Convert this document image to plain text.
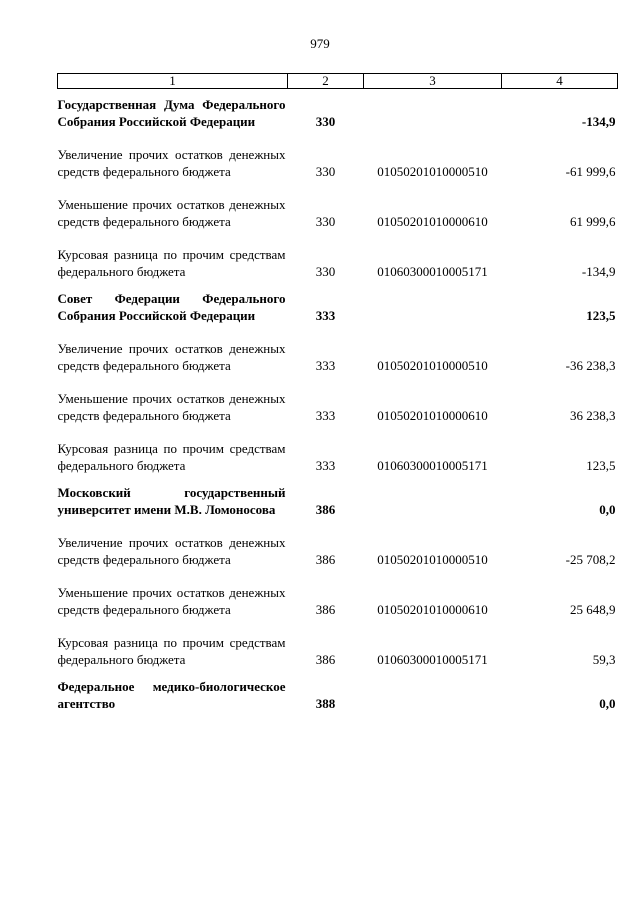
979
1	2	3	4
Государственная Дума Федерального Собрания Российской Федерации	330		-134,9
Увеличение прочих остатков денежных средств федерального бюджета	330	01050201010000510	-61 999,6
Уменьшение прочих остатков денежных средств федерального бюджета	330	01050201010000610	61 999,6
Курсовая разница по прочим средствам федерального бюджета	330	01060300010005171	-134,9
Совет Федерации Федерального Собрания Российской Федерации	333		123,5
Увеличение прочих остатков денежных средств федерального бюджета	333	01050201010000510	-36 238,3
Уменьшение прочих остатков денежных средств федерального бюджета	333	01050201010000610	36 238,3
Курсовая разница по прочим средствам федерального бюджета	333	01060300010005171	123,5
Московский государственный университет имени М.В. Ломоносова	386		0,0
Увеличение прочих остатков денежных средств федерального бюджета	386	01050201010000510	-25 708,2
Уменьшение прочих остатков денежных средств федерального бюджета	386	01050201010000610	25 648,9
Курсовая разница по прочим средствам федерального бюджета	386	01060300010005171	59,3
Федеральное медико-биологическое агентство	388		0,0
